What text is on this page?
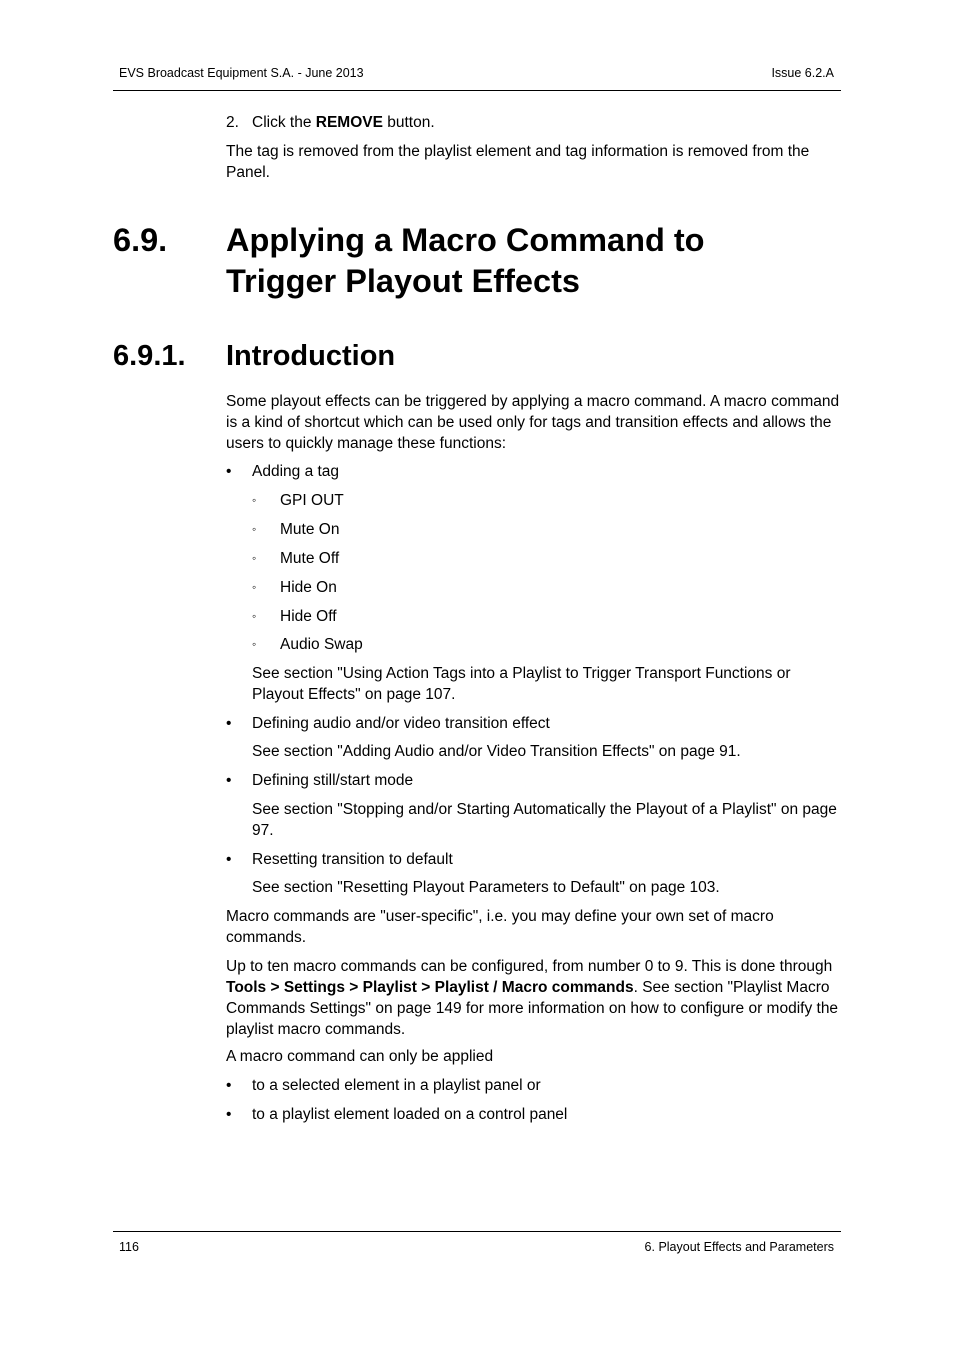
EVS Broadcast Equipment S.A. - June 2013	Issue 6.2.A
2. Click the REMOVE button.
The tag is removed from the playlist element and tag information is removed from the Panel.
6.9. Applying a Macro Command to
Trigger Playout Effects
6.9.1. Introduction
Some playout effects can be triggered by applying a macro command. A macro command is a kind of shortcut which can be used only for tags and transition effects and allows the users to quickly manage these functions:
•	Adding a tag
◦ GPI OUT
◦ Mute On
◦ Mute Off
◦ Hide On
◦ Hide Off
◦ Audio Swap
See section "Using Action Tags into a Playlist to Trigger Transport Functions or Playout Effects" on page 107.
•	Defining audio and/or video transition effect
See section "Adding Audio and/or Video Transition Effects" on page 91.
•	Defining still/start mode
See section "Stopping and/or Starting Automatically the Playout of a Playlist" on page 97.
•	Resetting transition to default
See section "Resetting Playout Parameters to Default" on page 103.
Macro commands are "user-specific", i.e. you may define your own set of macro commands.
Up to ten macro commands can be configured, from number 0 to 9. This is done through Tools > Settings > Playlist > Playlist / Macro commands. See section "Playlist Macro Commands Settings" on page 149 for more information on how to configure or modify the playlist macro commands.
A macro command can only be applied
•	to a selected element in a playlist panel or
•	to a playlist element loaded on a control panel
116	6. Playout Effects and Parameters
